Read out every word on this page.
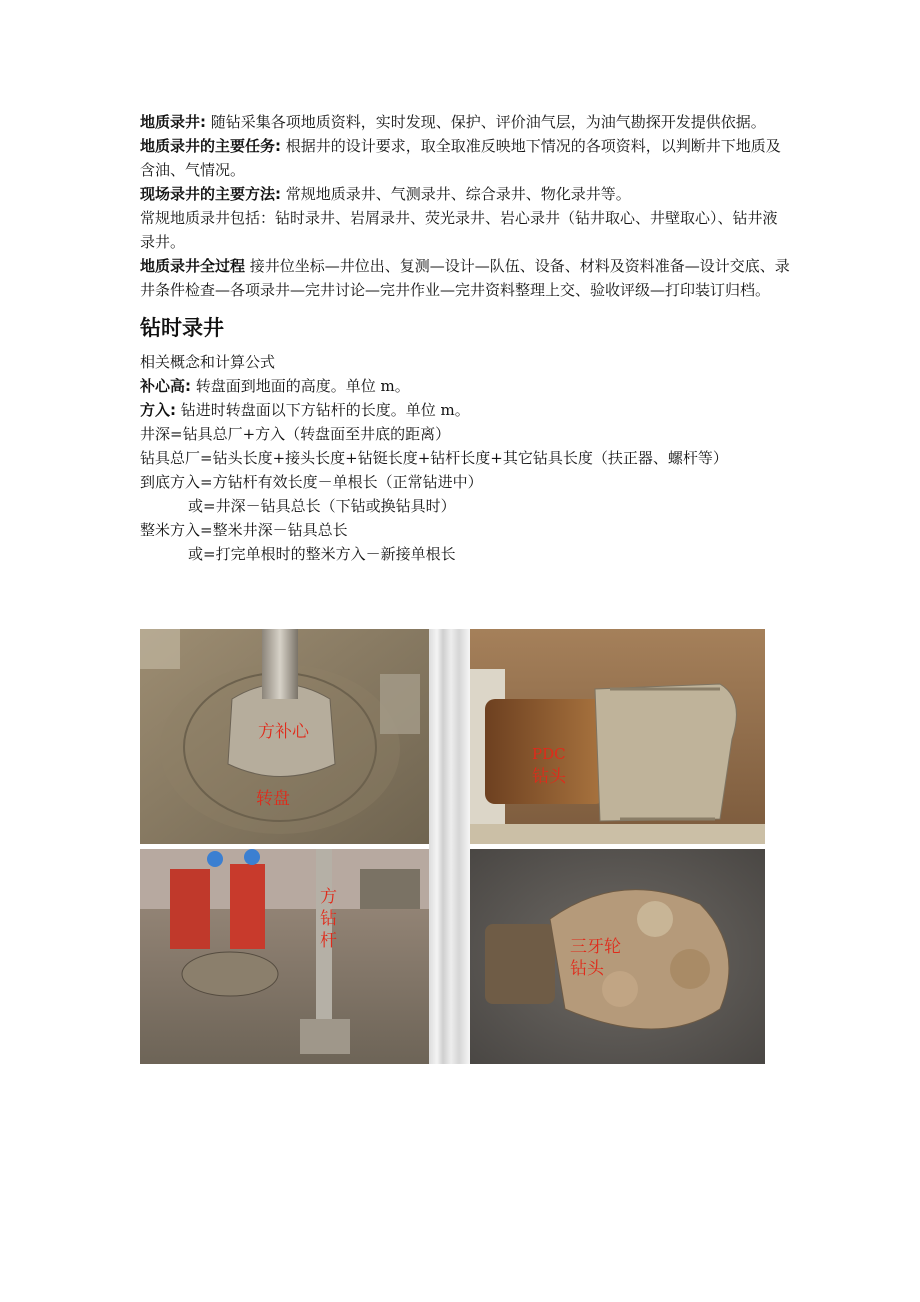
地质录井: 随钻采集各项地质资料，实时发现、保护、评价油气层，为油气勘探开发提供依据。

地质录井的主要任务: 根据井的设计要求，取全取准反映地下情况的各项资料，以判断井下地质及含油、气情况。

现场录井的主要方法: 常规地质录井、气测录井、综合录井、物化录井等。

常规地质录井包括：钻时录井、岩屑录井、荧光录井、岩心录井（钻井取心、井壁取心）、钻井液录井。

地质录井全过程 接井位坐标—井位出、复测—设计—队伍、设备、材料及资料准备—设计交底、录井条件检查—各项录井—完井讨论—完井作业—完井资料整理上交、验收评级—打印装订归档。

钻时录井

相关概念和计算公式

补心高: 转盘面到地面的高度。单位 m。

方入: 钻进时转盘面以下方钻杆的长度。单位 m。

井深=钻具总厂+方入（转盘面至井底的距离）

钻具总厂=钻头长度+接头长度+钻铤长度+钻杆长度+其它钻具长度（扶正器、螺杆等）

到底方入=方钻杆有效长度－单根长（正常钻进中）

或=井深－钻具总长（下钻或换钻具时）

整米方入=整米井深－钻具总长

或=打完单根时的整米方入－新接单根长

方补心
转盘
PDC
钻头
方
钻
杆	三牙轮
钻头
